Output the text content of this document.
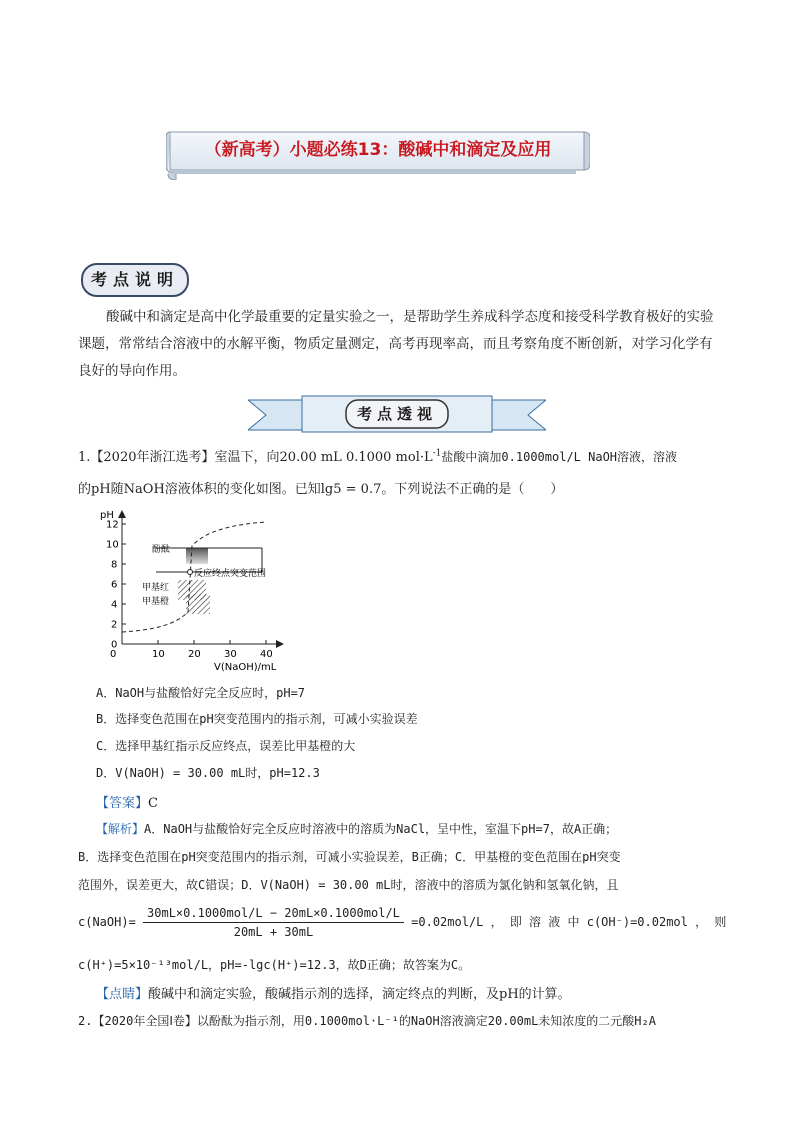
（新高考）小题必练13：酸碱中和滴定及应用
考点说明
酸碱中和滴定是高中化学最重要的定量实验之一，是帮助学生养成科学态度和接受科学教育极好的实验课题，常常结合溶液中的水解平衡，物质定量测定，高考再现率高，而且考察角度不断创新，对学习化学有良好的导向作用。
考点透视
1.【2020年浙江选考】室温下，向20.00 mL 0.1000 $mol\cdot L^{-1}$盐酸中滴加0.1000mol/L NaOH溶液，溶液
的pH随NaOH溶液体积的变化如图。已知lg5 = 0.7。下列说法不正确的是（　　）
pH
0
2
4
6
8
10
12
10 20 30 40
0
酚酞
反应终点 突变范围
甲基红
甲基橙
V(NaOH)/mL
A．NaOH与盐酸恰好完全反应时，pH=7
B．选择变色范围在pH突变范围内的指示剂，可减小实验误差
C．选择甲基红指示反应终点，误差比甲基橙的大
D．V(NaOH) = 30.00 mL时，pH=12.3
【答案】C
【解析】A．NaOH与盐酸恰好完全反应时溶液中的溶质为NaCl，呈中性，室温下pH=7，故A正确；
B．选择变色范围在pH突变范围内的指示剂，可减小实验误差，B正确；C．甲基橙的变色范围在pH突变
范围外，误差更大，故C错误；D．V(NaOH) = 30.00 mL时，溶液中的溶质为氯化钠和氢氧化钠，且
c(NaOH)= $\frac{\text{30mL×0.1000mol/L − 20mL×0.1000mol/L}}{20mL + 30mL} =0.02mol/L$ ， 即 溶 液 中 c(OH⁻)=0.02mol ， 则
c(H⁺)=5×10⁻¹³mol/L，pH=-lgc(H⁺)=12.3，故D正确；故答案为C。
【点睛】酸碱中和滴定实验，酸碱指示剂的选择，滴定终点的判断，及pH的计算。
2.【2020年全国Ⅰ卷】以酚酞为指示剂，用0.1000mol·L⁻¹的NaOH溶液滴定20.00mL未知浓度的二元酸H₂A
